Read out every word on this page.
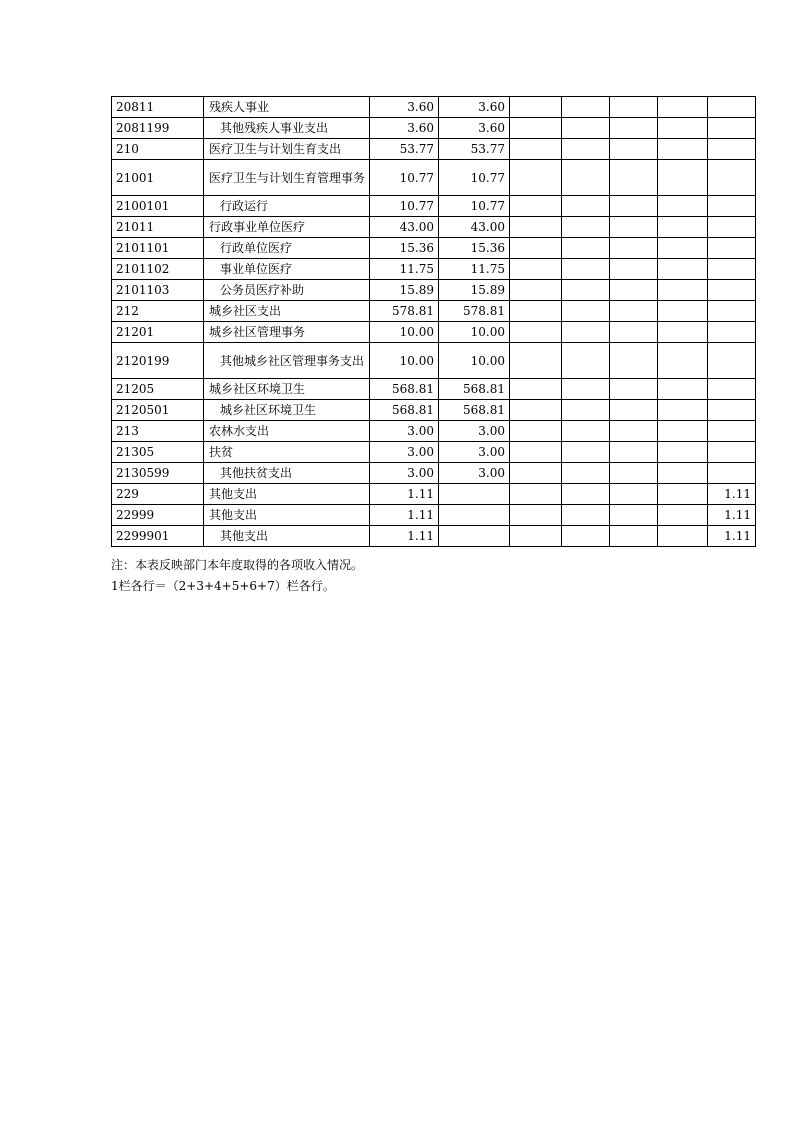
20811	残疾人事业	3.60	3.60					
2081199	其他残疾人事业支出	3.60	3.60					
210	医疗卫生与计划生育支出	53.77	53.77					
21001	医疗卫生与计划生育管理事务	10.77	10.77					
2100101	行政运行	10.77	10.77					
21011	行政事业单位医疗	43.00	43.00					
2101101	行政单位医疗	15.36	15.36					
2101102	事业单位医疗	11.75	11.75					
2101103	公务员医疗补助	15.89	15.89					
212	城乡社区支出	578.81	578.81					
21201	城乡社区管理事务	10.00	10.00					
2120199	其他城乡社区管理事务支出	10.00	10.00					
21205	城乡社区环境卫生	568.81	568.81					
2120501	城乡社区环境卫生	568.81	568.81					
213	农林水支出	3.00	3.00					
21305	扶贫	3.00	3.00					
2130599	其他扶贫支出	3.00	3.00					
229	其他支出	1.11						1.11
22999	其他支出	1.11						1.11
2299901	其他支出	1.11						1.11
注：本表反映部门本年度取得的各项收入情况。
1栏各行＝（2+3+4+5+6+7）栏各行。
